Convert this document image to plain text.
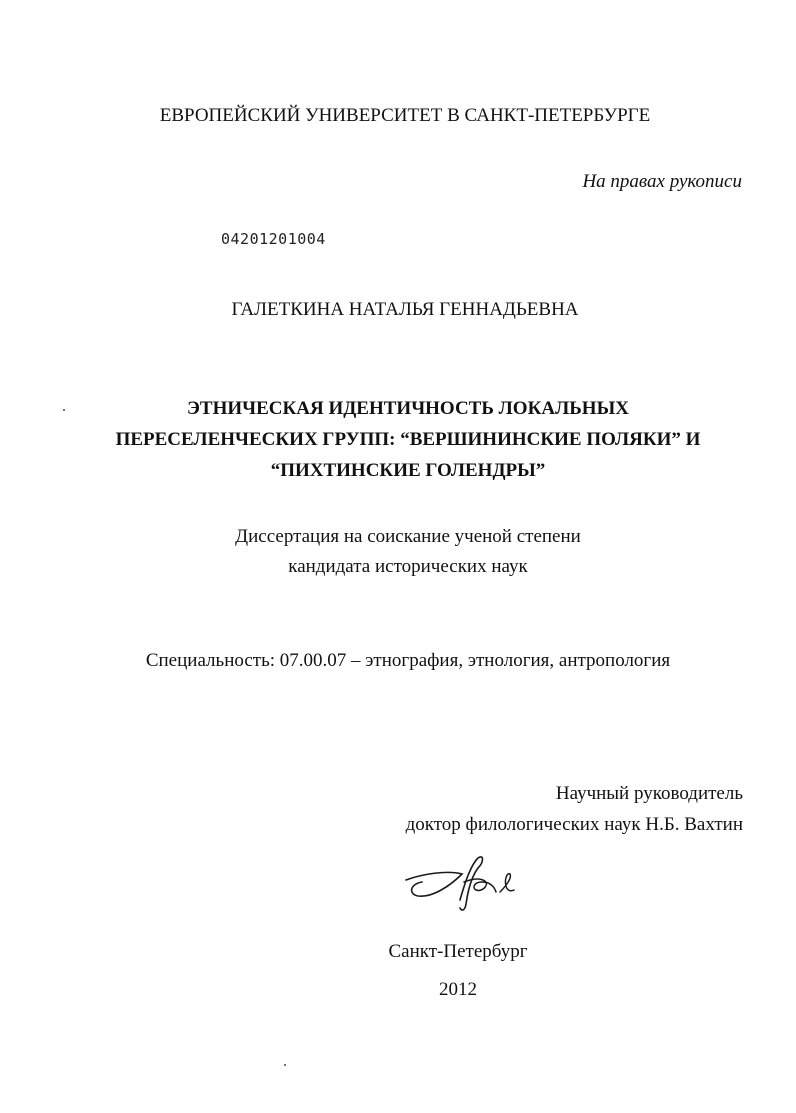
ЕВРОПЕЙСКИЙ УНИВЕРСИТЕТ В САНКТ-ПЕТЕРБУРГЕ
На правах рукописи
04201201004
ГАЛЕТКИНА НАТАЛЬЯ ГЕННАДЬЕВНА
ЭТНИЧЕСКАЯ ИДЕНТИЧНОСТЬ ЛОКАЛЬНЫХ
ПЕРЕСЕЛЕНЧЕСКИХ ГРУПП: “ВЕРШИНИНСКИЕ ПОЛЯКИ” И
“ПИХТИНСКИЕ ГОЛЕНДРЫ”
Диссертация на соискание ученой степени
кандидата исторических наук
Специальность: 07.00.07 – этнография, этнология, антропология
Научный руководитель
доктор филологических наук Н.Б. Вахтин
Санкт-Петербург
2012
